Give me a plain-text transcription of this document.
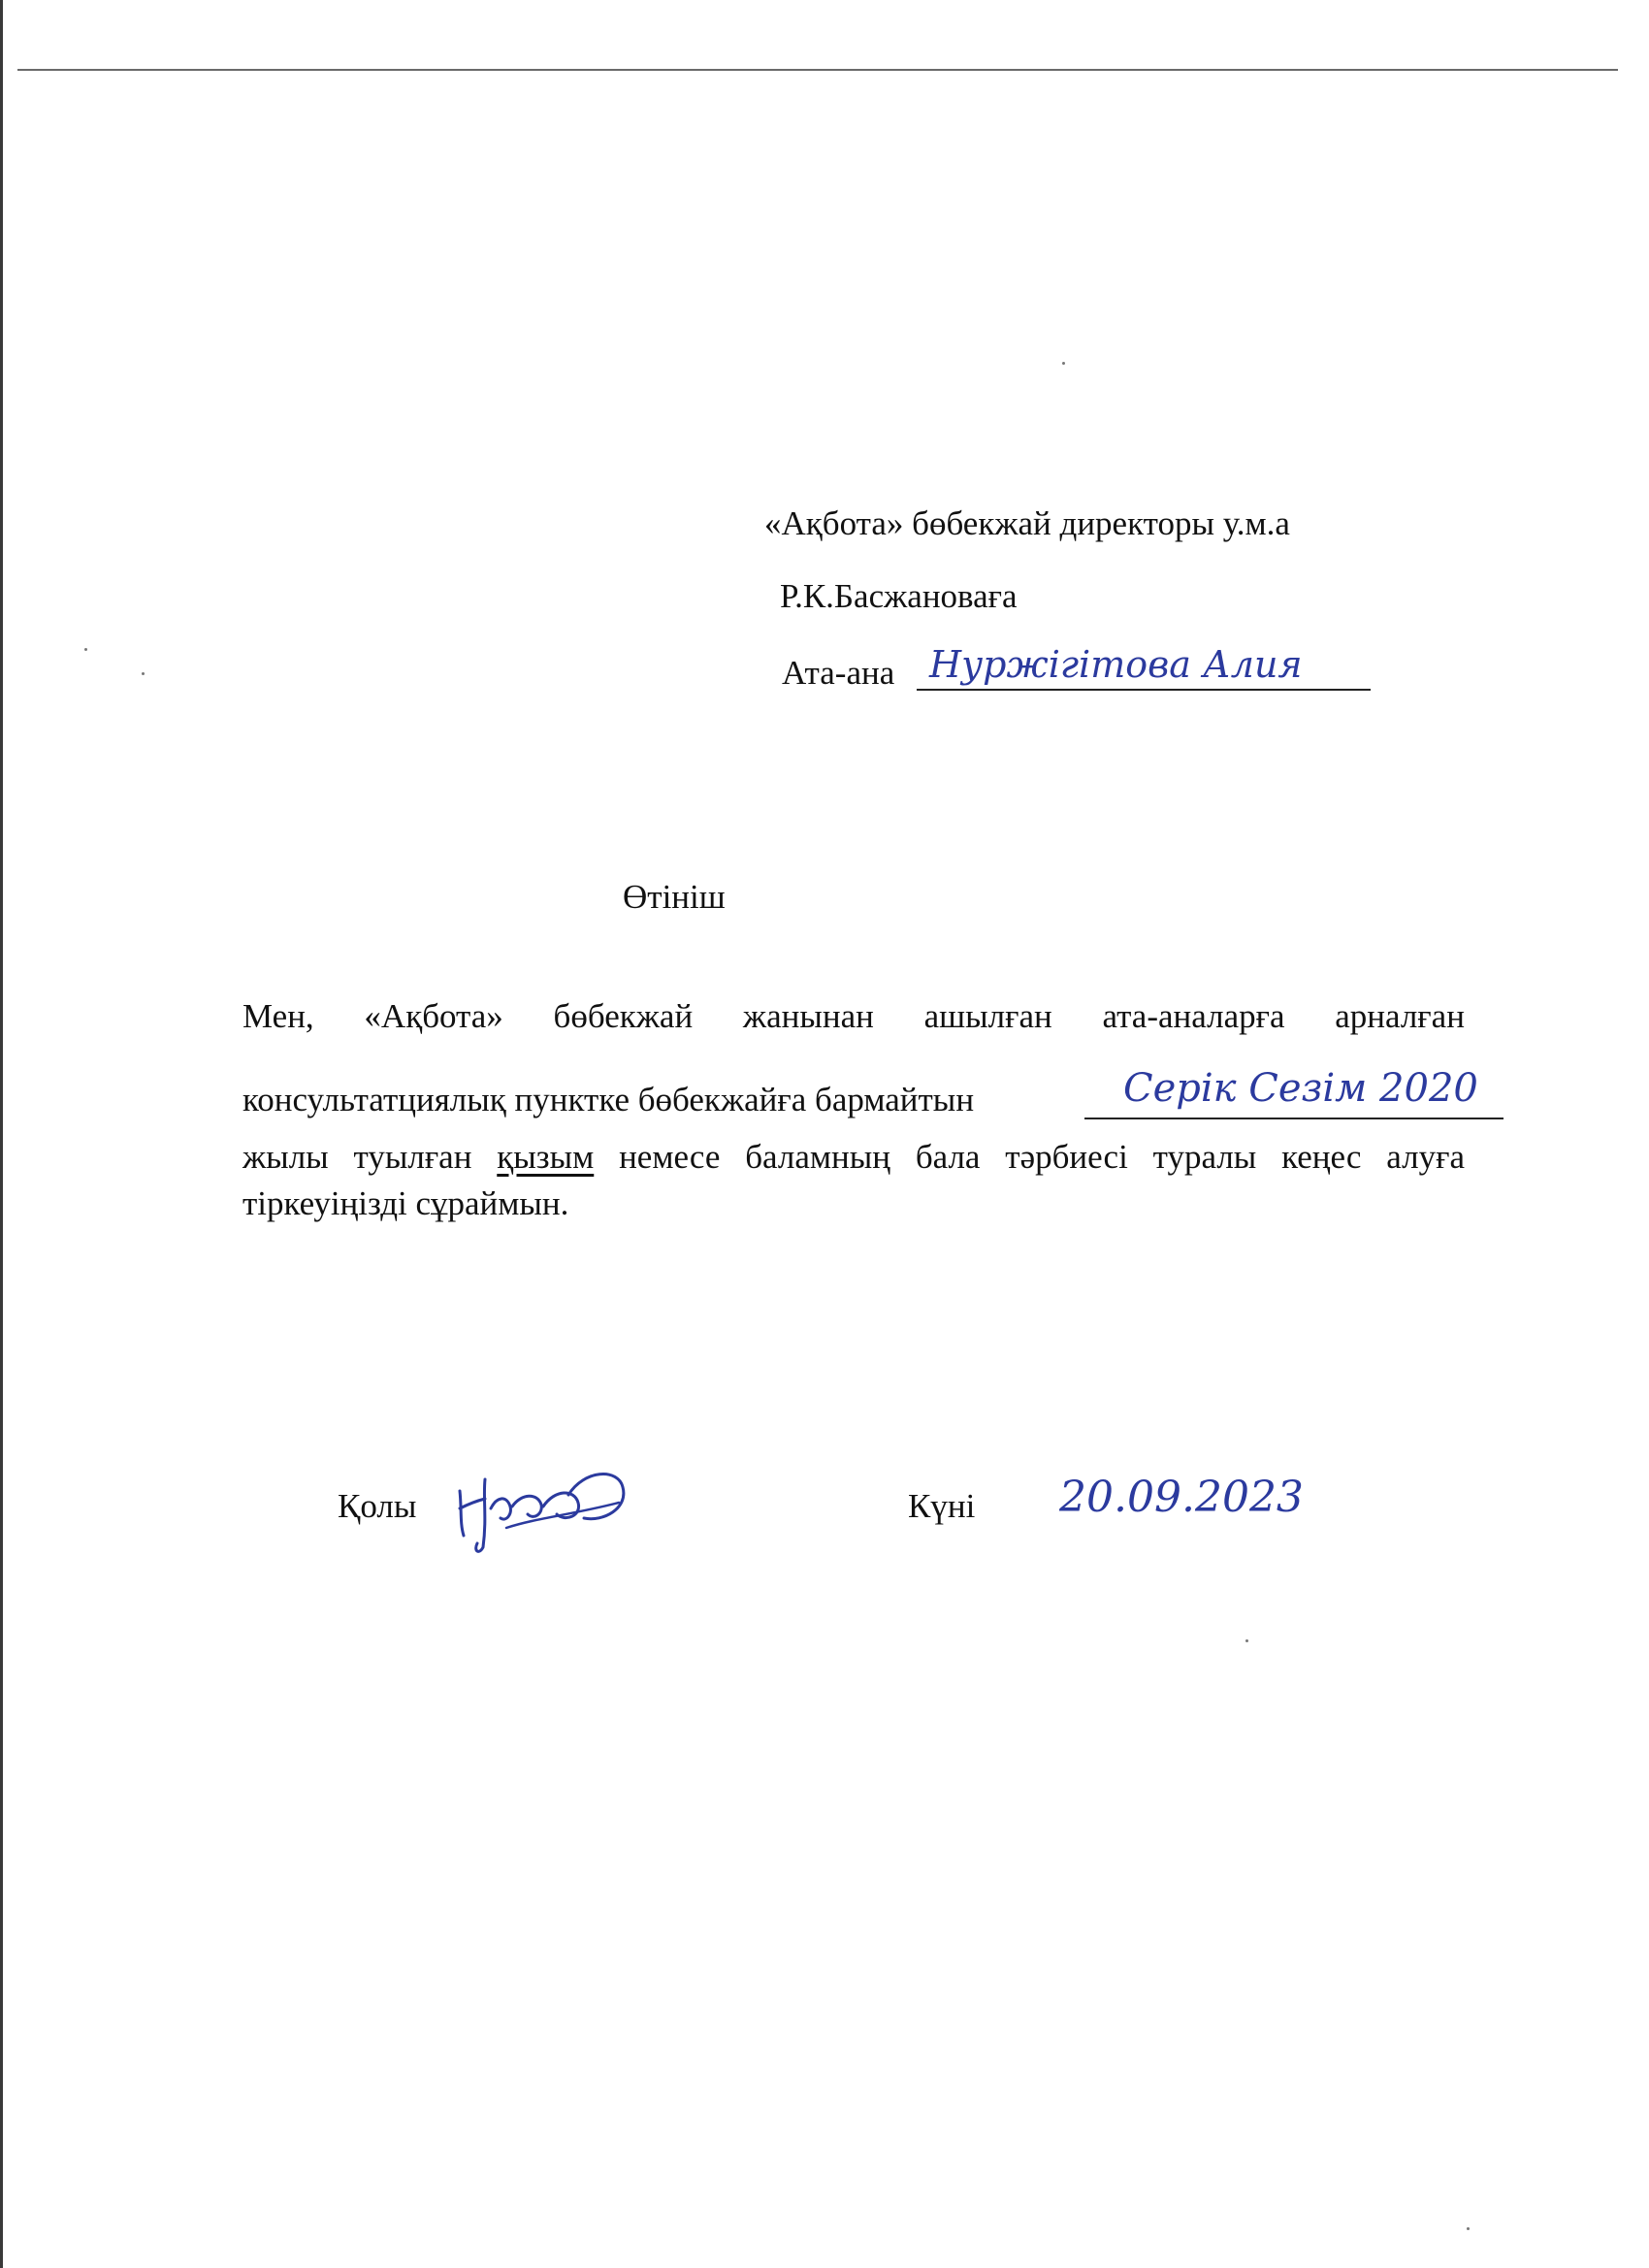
«Ақбота» бөбекжай директоры у.м.а
Р.К.Басжановаға
Ата-ана Нуржігітова Алия
Өтініш
Мен, «Ақбота» бөбекжай жанынан ашылған ата-аналарға арналған
консультатциялық пунктке бөбекжайға бармайтын	Серік Сезім 2020
жылы туылған қызым немесе баламның бала тәрбиесі туралы кеңес алуға
тіркеуіңізді сұраймын.
Қолы	Күні 20.09.2023
